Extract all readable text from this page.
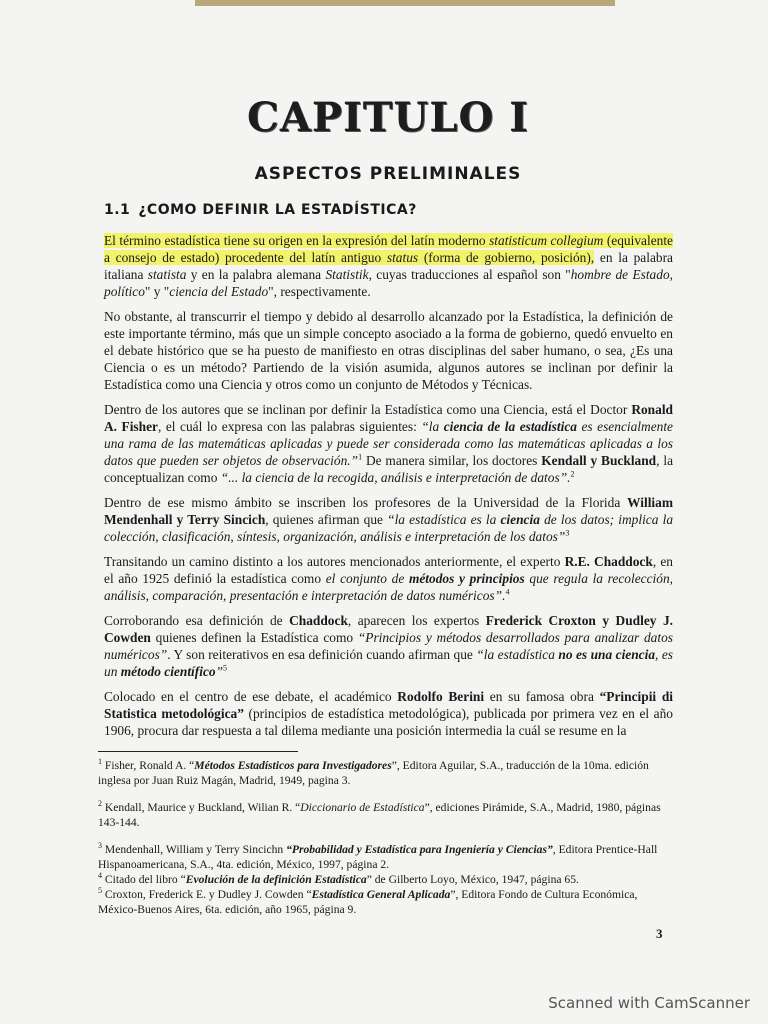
CAPITULO I
ASPECTOS PRELIMINALES
1.1 ¿COMO DEFINIR LA ESTADÍSTICA?

El término estadística tiene su origen en la expresión del latín moderno statisticum collegium (equivalente a consejo de estado) procedente del latín antiguo status (forma de gobierno, posición), en la palabra italiana statista y en la palabra alemana Statistik, cuyas traducciones al español son "hombre de Estado, político" y "ciencia del Estado", respectivamente.

No obstante, al transcurrir el tiempo y debido al desarrollo alcanzado por la Estadística, la definición de este importante término, más que un simple concepto asociado a la forma de gobierno, quedó envuelto en el debate histórico que se ha puesto de manifiesto en otras disciplinas del saber humano, o sea, ¿Es una Ciencia o es un método? Partiendo de la visión asumida, algunos autores se inclinan por definir la Estadística como una Ciencia y otros como un conjunto de Métodos y Técnicas.

Dentro de los autores que se inclinan por definir la Estadística como una Ciencia, está el Doctor Ronald A. Fisher, el cuál lo expresa con las palabras siguientes: “la ciencia de la estadística es esencialmente una rama de las matemáticas aplicadas y puede ser considerada como las matemáticas aplicadas a los datos que pueden ser objetos de observación.”$^1$ De manera similar, los doctores Kendall y Buckland, la conceptualizan como “... la ciencia de la recogida, análisis e interpretación de datos”.$^2$

Dentro de ese mismo ámbito se inscriben los profesores de la Universidad de la Florida William Mendenhall y Terry Sincich, quienes afirman que “la estadística es la ciencia de los datos; implica la colección, clasificación, síntesis, organización, análisis e interpretación de los datos”$^3$

Transitando un camino distinto a los autores mencionados anteriormente, el experto R.E. Chaddock, en el año 1925 definió la estadística como el conjunto de métodos y principios que regula la recolección, análisis, comparación, presentación e interpretación de datos numéricos”.$^4$

Corroborando esa definición de Chaddock, aparecen los expertos Frederick Croxton y Dudley J. Cowden quienes definen la Estadística como “Principios y métodos desarrollados para analizar datos numéricos”. Y son reiterativos en esa definición cuando afirman que “la estadística no es una ciencia, es un método científico”$^5$

Colocado en el centro de ese debate, el académico Rodolfo Berini en su famosa obra “Principii di Statistica metodológica” (principios de estadística metodológica), publicada por primera vez en el año 1906, procura dar respuesta a tal dilema mediante una posición intermedia la cuál se resume en la

$^1$ Fisher, Ronald A. “Métodos Estadísticos para Investigadores”, Editora Aguilar, S.A., traducción de la 10ma. edición inglesa por Juan Ruiz Magán, Madrid, 1949, pagina 3.

$^2$ Kendall, Maurice y Buckland, Wilian R. “Diccionario de Estadística”, ediciones Pirámide, S.A., Madrid, 1980, páginas 143-144.

$^3$ Mendenhall, William y Terry Sincichn “Probabilidad y Estadística para Ingeniería y Ciencias”, Editora Prentice-Hall Hispanoamericana, S.A., 4ta. edición, México, 1997, página 2.

$^4$ Citado del libro “Evolución de la definición Estadística” de Gilberto Loyo, México, 1947, página 65.

$^5$ Croxton, Frederick E. y Dudley J. Cowden “Estadística General Aplicada”, Editora Fondo de Cultura Económica, México-Buenos Aires, 6ta. edición, año 1965, página 9.

3
Scanned with CamScanner
